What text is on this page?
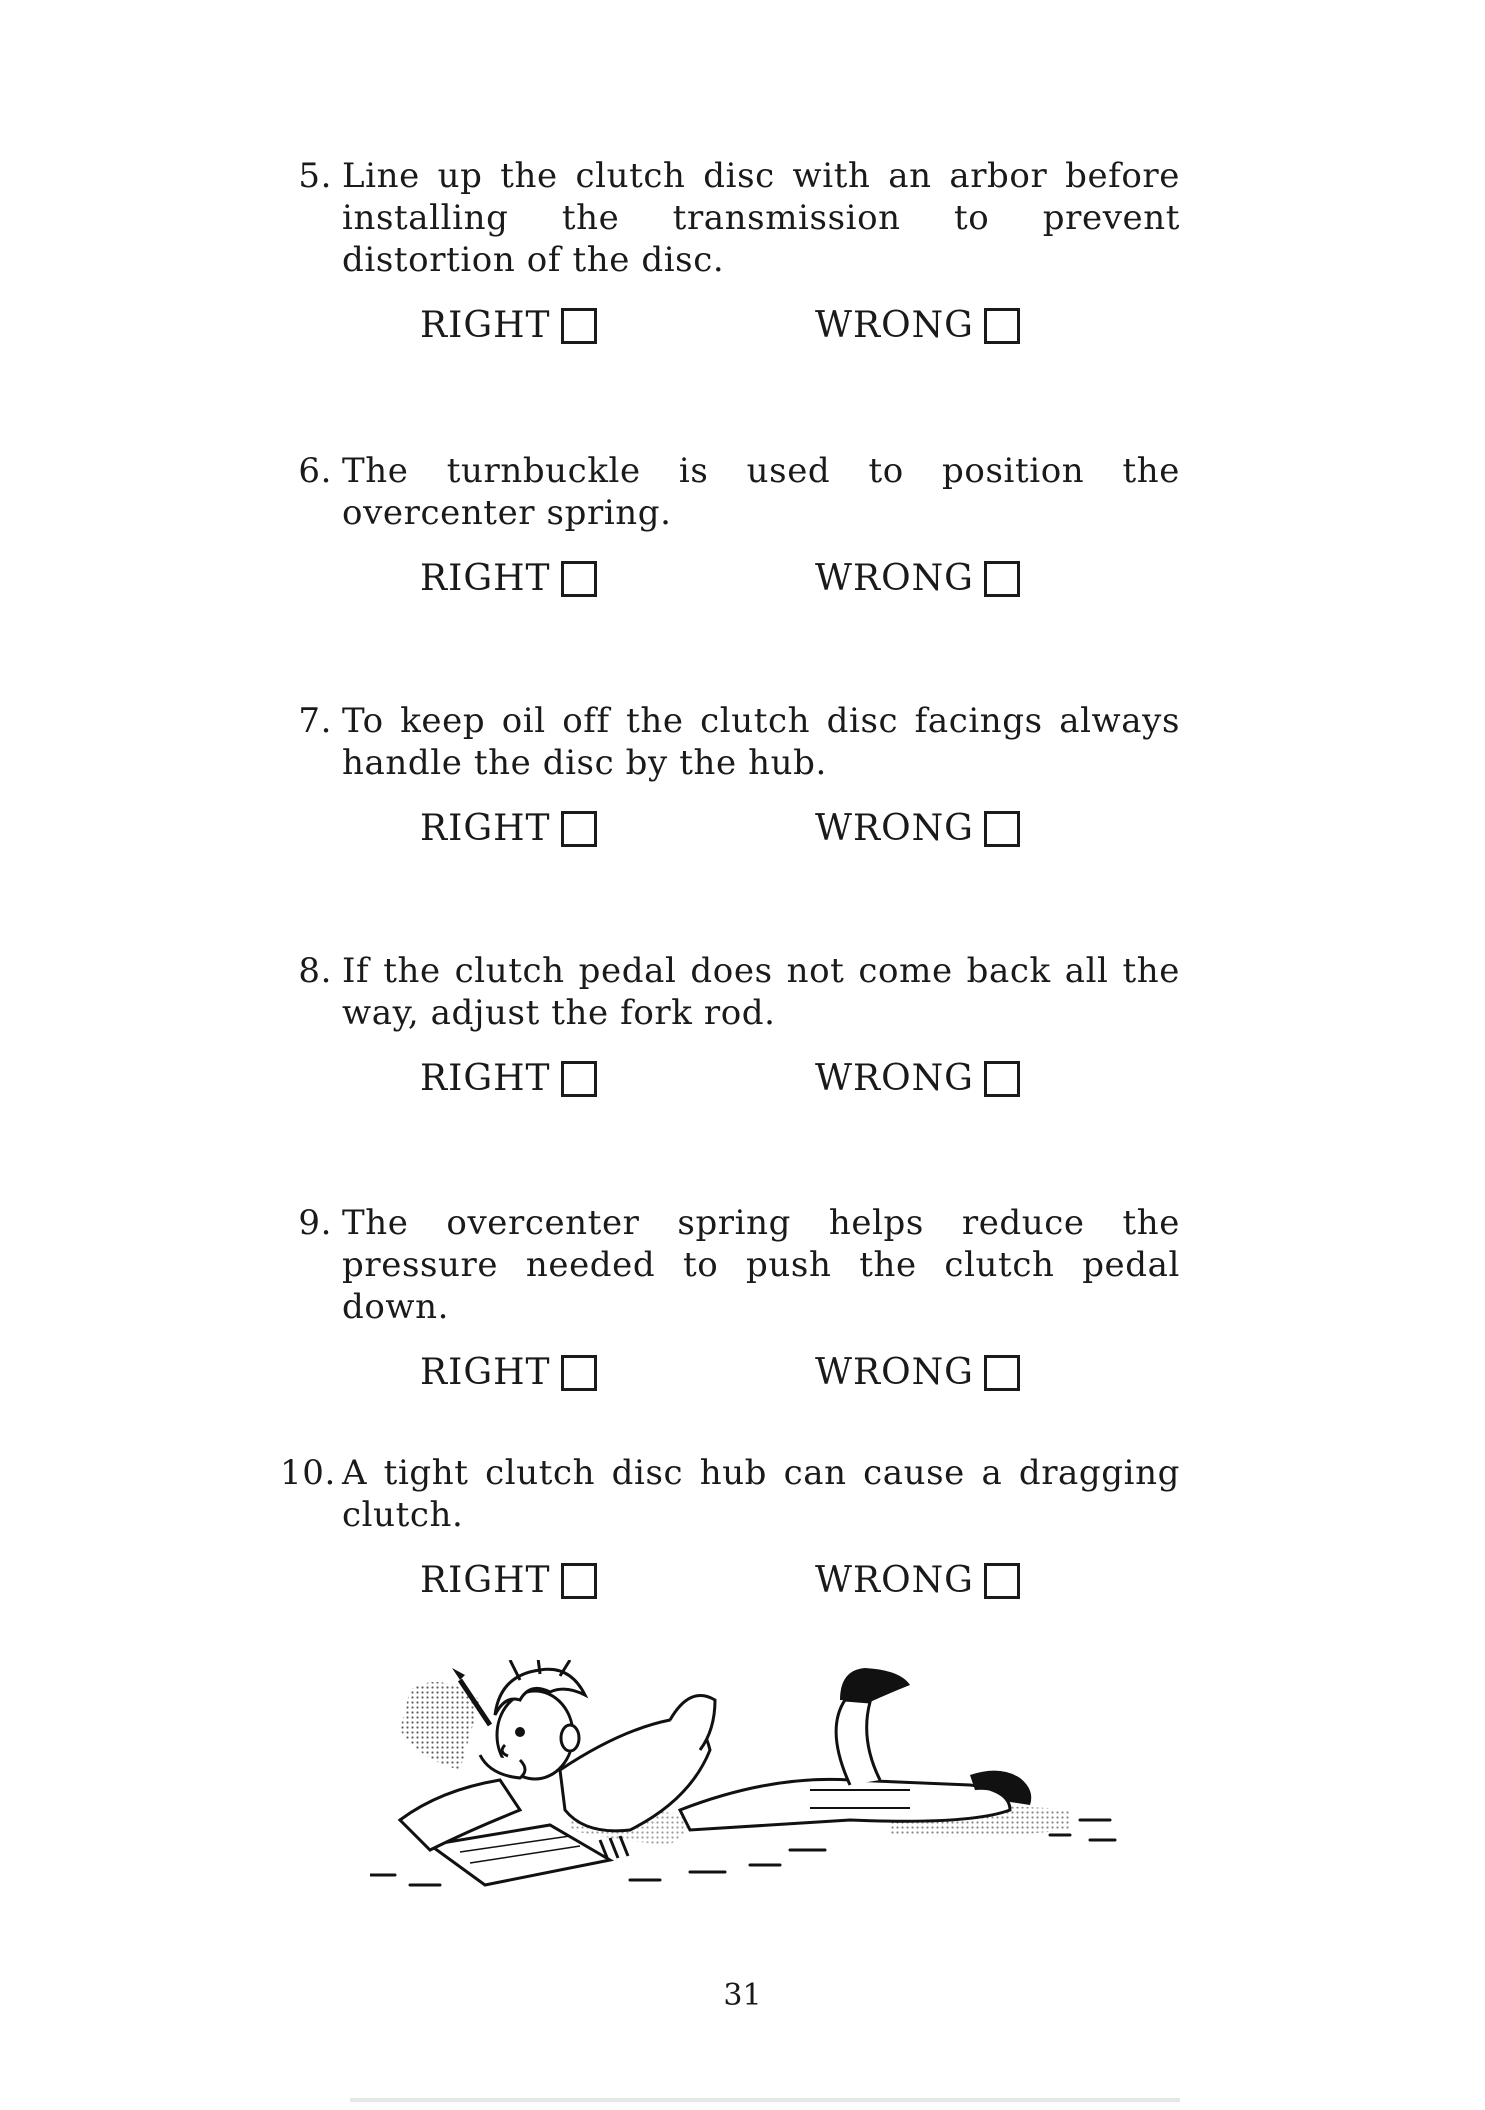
5. Line up the clutch disc with an arbor before installing the transmission to prevent distortion of the disc.
RIGHT	WRONG
6. The turnbuckle is used to position the overcenter spring.
RIGHT	WRONG
7. To keep oil off the clutch disc facings always handle the disc by the hub.
RIGHT	WRONG
8. If the clutch pedal does not come back all the way, adjust the fork rod.
RIGHT	WRONG
9. The overcenter spring helps reduce the pressure needed to push the clutch pedal down.
RIGHT	WRONG
10. A tight clutch disc hub can cause a dragging clutch.
RIGHT	WRONG
31
